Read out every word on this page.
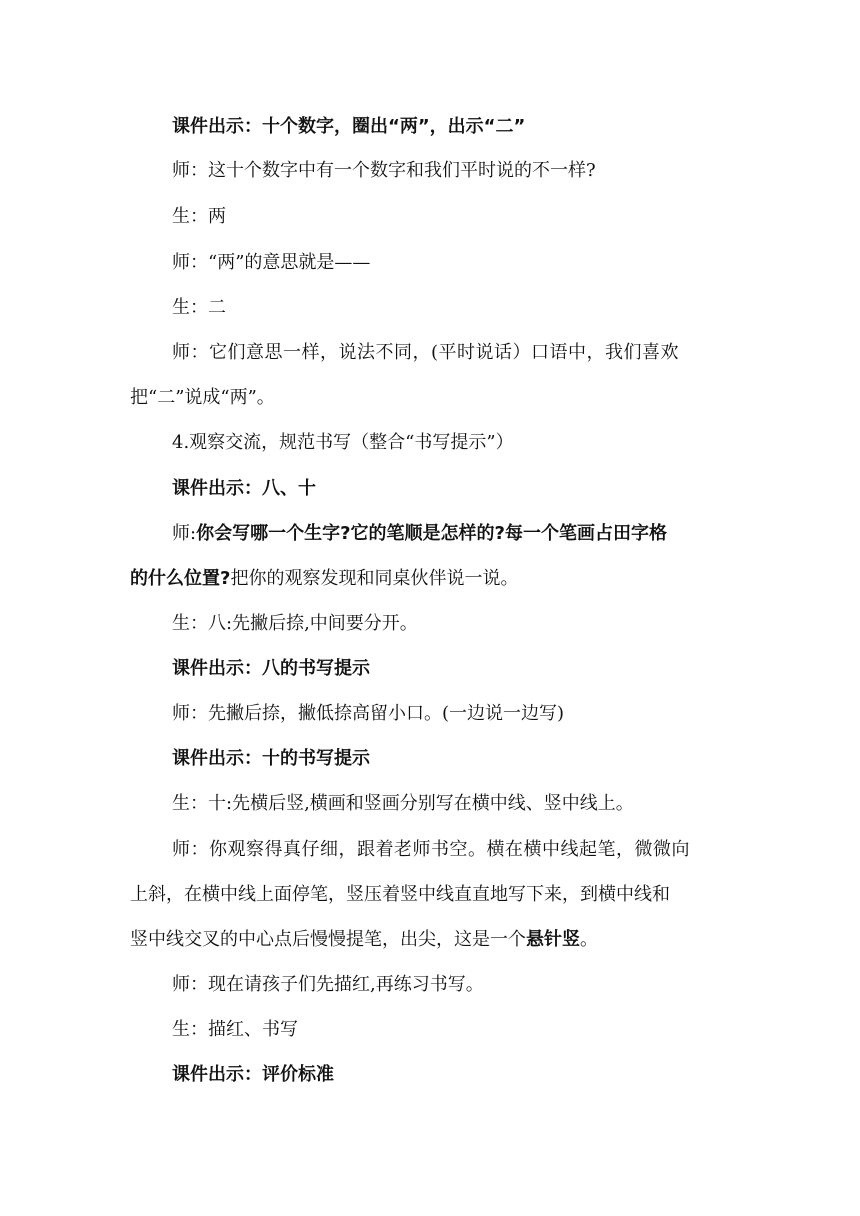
课件出示：十个数字，圈出“两”，出示“二”
师：这十个数字中有一个数字和我们平时说的不一样?
生：两
师：“两”的意思就是——
生：二
师：它们意思一样，说法不同，(平时说话）口语中，我们喜欢
把“二”说成“两”。
4.观察交流，规范书写（整合“书写提示”）
课件出示：八、十
师:你会写哪一个生字?它的笔顺是怎样的?每一个笔画占田字格
的什么位置?把你的观察发现和同桌伙伴说一说。
生：八:先撇后捺,中间要分开。
课件出示：八的书写提示
师：先撇后捺，撇低捺高留小口。(一边说一边写)
课件出示：十的书写提示
生：十:先横后竖,横画和竖画分别写在横中线、竖中线上。
师：你观察得真仔细，跟着老师书空。横在横中线起笔，微微向
上斜，在横中线上面停笔，竖压着竖中线直直地写下来，到横中线和
竖中线交叉的中心点后慢慢提笔，出尖，这是一个悬针竖。
师：现在请孩子们先描红,再练习书写。
生：描红、书写
课件出示：评价标准
